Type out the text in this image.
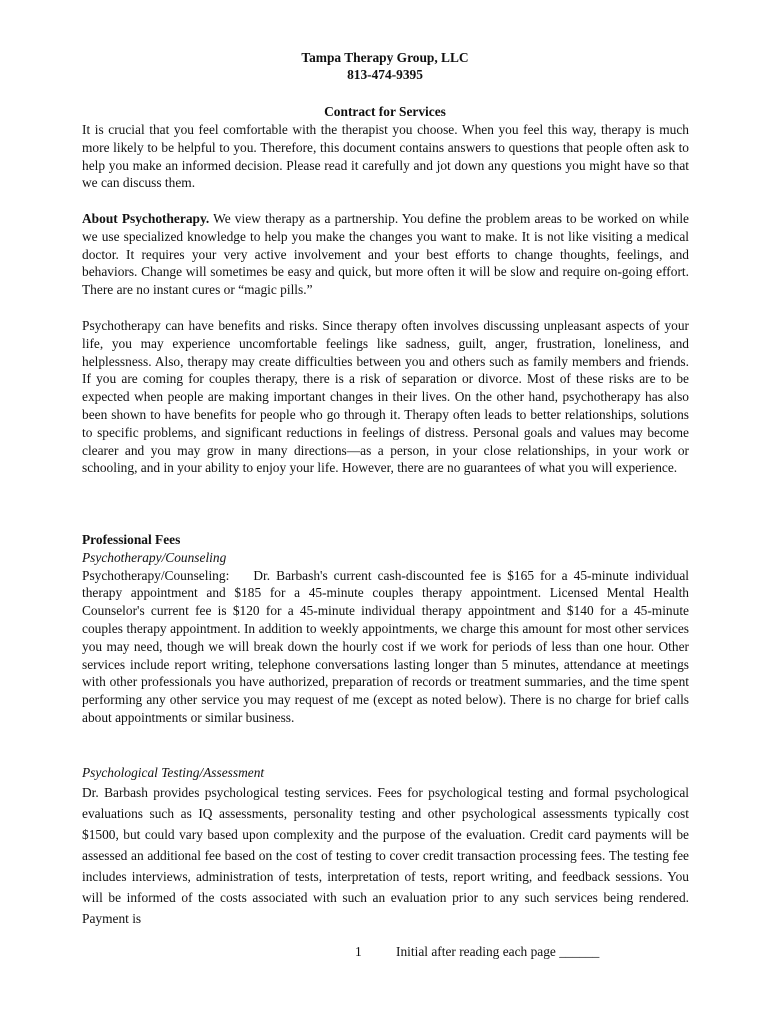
Tampa Therapy Group, LLC
813-474-9395
Contract for Services

It is crucial that you feel comfortable with the therapist you choose. When you feel this way, therapy is much more likely to be helpful to you. Therefore, this document contains answers to questions that people often ask to help you make an informed decision. Please read it carefully and jot down any questions you might have so that we can discuss them.

About Psychotherapy. We view therapy as a partnership. You define the problem areas to be worked on while we use specialized knowledge to help you make the changes you want to make. It is not like visiting a medical doctor. It requires your very active involvement and your best efforts to change thoughts, feelings, and behaviors. Change will sometimes be easy and quick, but more often it will be slow and require on-going effort. There are no instant cures or “magic pills.”

Psychotherapy can have benefits and risks. Since therapy often involves discussing unpleasant aspects of your life, you may experience uncomfortable feelings like sadness, guilt, anger, frustration, loneliness, and helplessness. Also, therapy may create difficulties between you and others such as family members and friends. If you are coming for couples therapy, there is a risk of separation or divorce. Most of these risks are to be expected when people are making important changes in their lives. On the other hand, psychotherapy has also been shown to have benefits for people who go through it. Therapy often leads to better relationships, solutions to specific problems, and significant reductions in feelings of distress. Personal goals and values may become clearer and you may grow in many directions—as a person, in your close relationships, in your work or schooling, and in your ability to enjoy your life. However, there are no guarantees of what you will experience.

Professional Fees

Psychotherapy/Counseling

Psychotherapy/Counseling: Dr. Barbash's current cash-discounted fee is $165 for a 45-minute individual therapy appointment and $185 for a 45-minute couples therapy appointment. Licensed Mental Health Counselor's current fee is $120 for a 45-minute individual therapy appointment and $140 for a 45-minute couples therapy appointment. In addition to weekly appointments, we charge this amount for most other services you may need, though we will break down the hourly cost if we work for periods of less than one hour. Other services include report writing, telephone conversations lasting longer than 5 minutes, attendance at meetings with other professionals you have authorized, preparation of records or treatment summaries, and the time spent performing any other service you may request of me (except as noted below). There is no charge for brief calls about appointments or similar business.

Psychological Testing/Assessment

Dr. Barbash provides psychological testing services. Fees for psychological testing and formal psychological evaluations such as IQ assessments, personality testing and other psychological assessments typically cost $1500, but could vary based upon complexity and the purpose of the evaluation. Credit card payments will be assessed an additional fee based on the cost of testing to cover credit transaction processing fees. The testing fee includes interviews, administration of tests, interpretation of tests, report writing, and feedback sessions. You will be informed of the costs associated with such an evaluation prior to any such services being rendered. Payment is

1	Initial after reading each page ______
